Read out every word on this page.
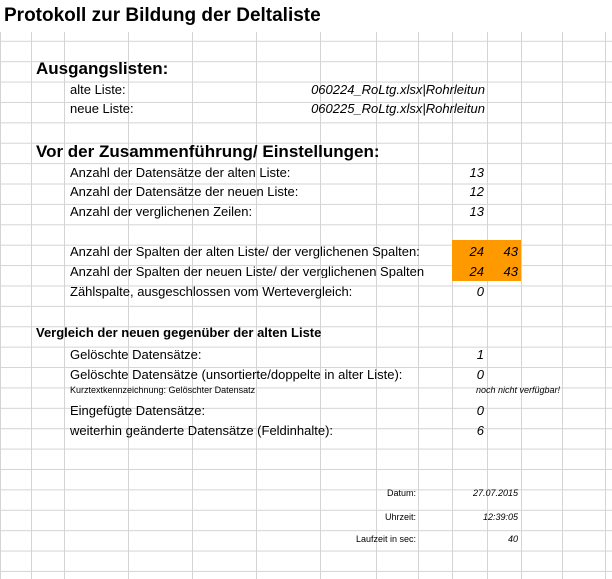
Protokoll zur Bildung der Deltaliste
Ausgangslisten:
alte Liste:	060224_RoLtg.xlsx|Rohrleitun
neue Liste:	060225_RoLtg.xlsx|Rohrleitun
Vor der Zusammenführung/ Einstellungen:
Anzahl der Datensätze der alten Liste:	13
Anzahl der Datensätze der neuen Liste:	12
Anzahl der verglichenen Zeilen:	13
Anzahl der Spalten der alten Liste/ der verglichenen Spalten:	24	43
Anzahl der Spalten der neuen Liste/ der verglichenen Spalten	24	43
Zählspalte, ausgeschlossen vom Wertevergleich:	0
Vergleich der neuen gegenüber der alten Liste
Gelöschte Datensätze:	1
Gelöschte Datensätze (unsortierte/doppelte in alter Liste):	0
Kurztextkennzeichnung: Gelöschter Datensatz	noch nicht verfügbar!
Eingefügte Datensätze:	0
weiterhin geänderte Datensätze (Feldinhalte):	6
Datum:	27.07.2015
Uhrzeit:	12:39:05
Laufzeit in sec:	40
